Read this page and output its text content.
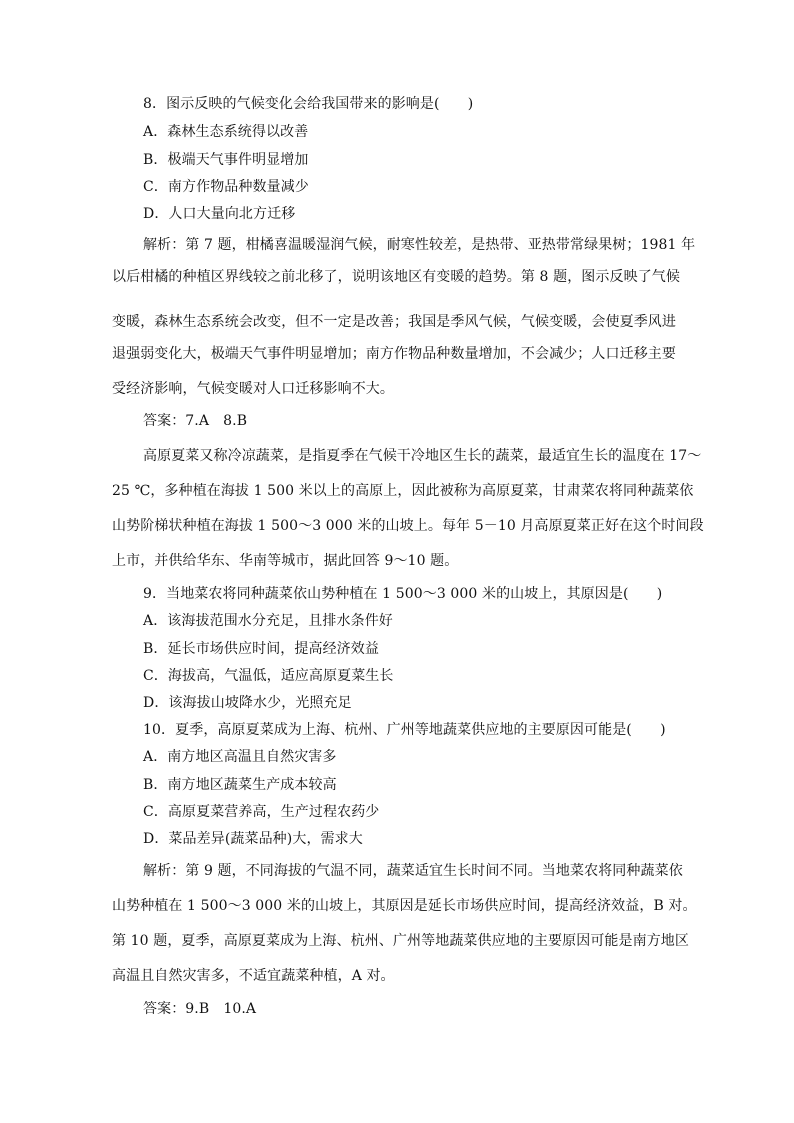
8．图示反映的气候变化会给我国带来的影响是(　　)
A．森林生态系统得以改善
B．极端天气事件明显增加
C．南方作物品种数量减少
D．人口大量向北方迁移
解析：第 7 题，柑橘喜温暖湿润气候，耐寒性较差，是热带、亚热带常绿果树；1981 年
以后柑橘的种植区界线较之前北移了，说明该地区有变暖的趋势。第 8 题，图示反映了气候
变暖，森林生态系统会改变，但不一定是改善；我国是季风气候，气候变暖，会使夏季风进
退强弱变化大，极端天气事件明显增加；南方作物品种数量增加，不会减少；人口迁移主要
受经济影响，气候变暖对人口迁移影响不大。
答案：7.A　8.B
高原夏菜又称冷凉蔬菜，是指夏季在气候干冷地区生长的蔬菜，最适宜生长的温度在 17～
25 ℃，多种植在海拔 1 500 米以上的高原上，因此被称为高原夏菜，甘肃菜农将同种蔬菜依
山势阶梯状种植在海拔 1 500～3 000 米的山坡上。每年 5－10 月高原夏菜正好在这个时间段
上市，并供给华东、华南等城市，据此回答 9～10 题。
9．当地菜农将同种蔬菜依山势种植在 1 500～3 000 米的山坡上，其原因是(　　)
A．该海拔范围水分充足，且排水条件好
B．延长市场供应时间，提高经济效益
C．海拔高，气温低，适应高原夏菜生长
D．该海拔山坡降水少，光照充足
10．夏季，高原夏菜成为上海、杭州、广州等地蔬菜供应地的主要原因可能是(　　)
A．南方地区高温且自然灾害多
B．南方地区蔬菜生产成本较高
C．高原夏菜营养高，生产过程农药少
D．菜品差异(蔬菜品种)大，需求大
解析：第 9 题，不同海拔的气温不同，蔬菜适宜生长时间不同。当地菜农将同种蔬菜依
山势种植在 1 500～3 000 米的山坡上，其原因是延长市场供应时间，提高经济效益，B 对。
第 10 题，夏季，高原夏菜成为上海、杭州、广州等地蔬菜供应地的主要原因可能是南方地区
高温且自然灾害多，不适宜蔬菜种植，A 对。
答案：9.B　10.A
